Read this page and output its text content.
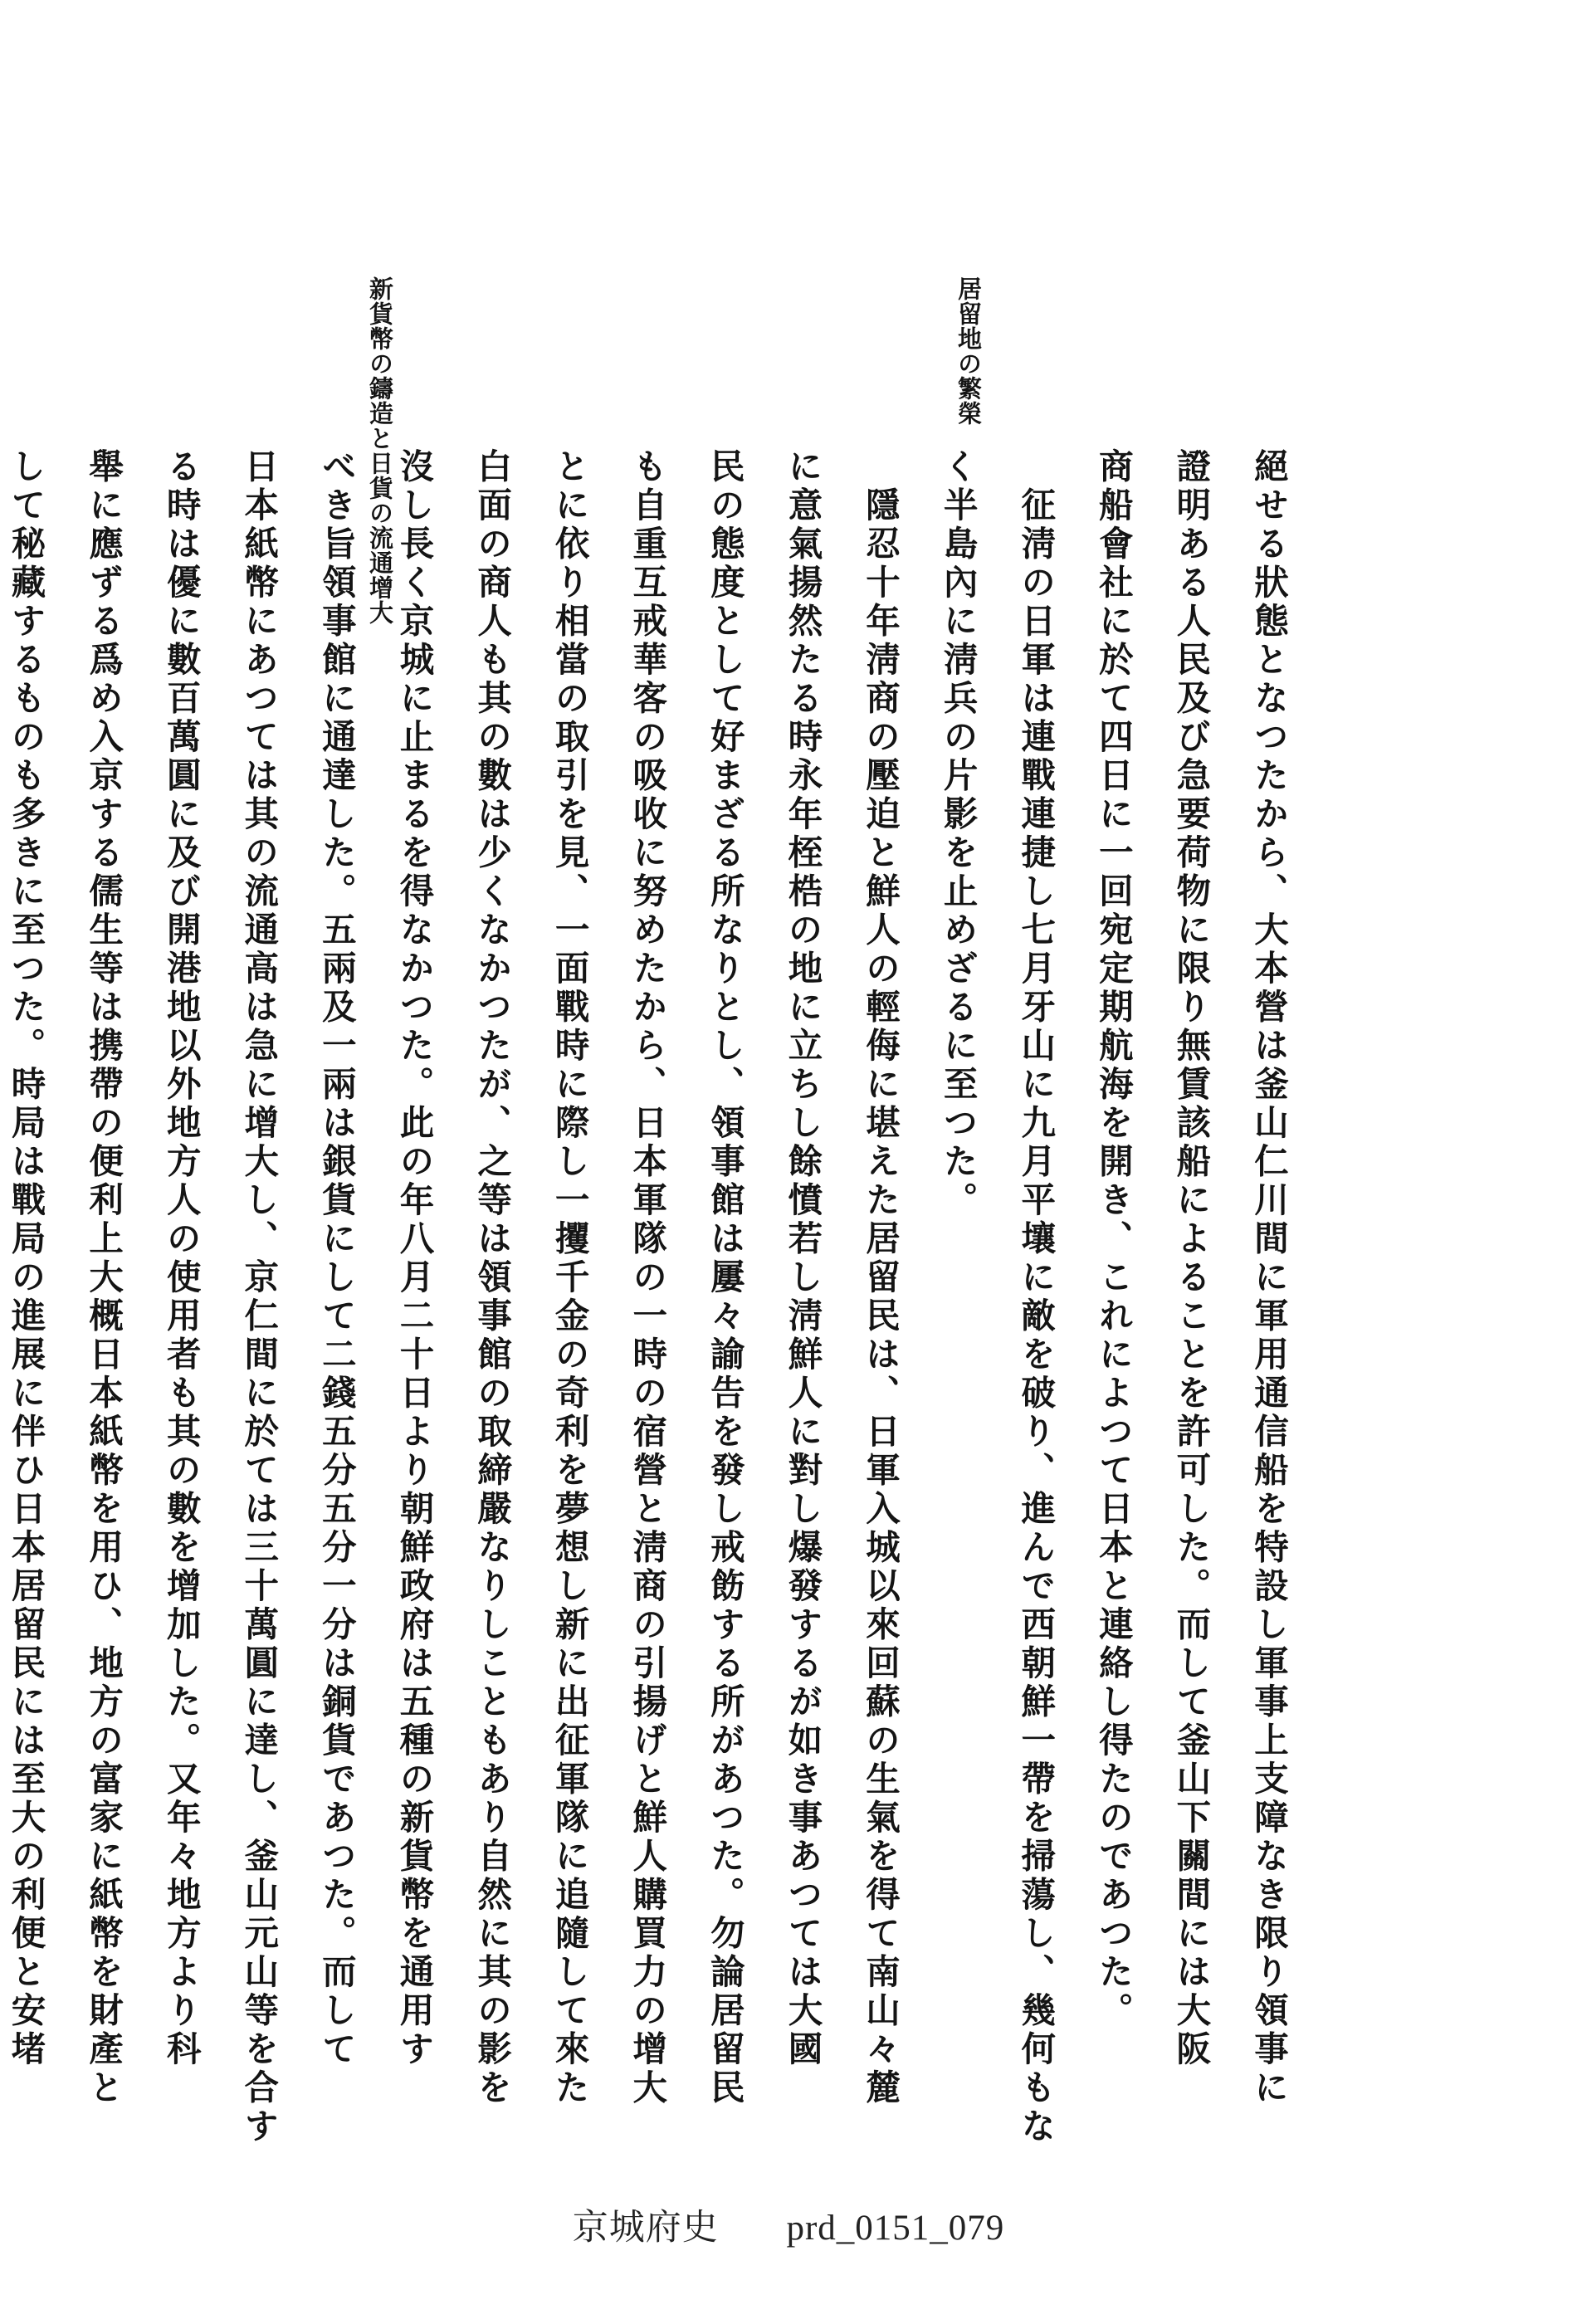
居留地の繁榮
新貨幣の鑄造と日貨の流通增大	絕せる狀態となつたから、大本營は釜山仁川間に軍用通信船を特設し軍事上支障なき限り領事に
證明ある人民及び急要荷物に限り無賃該船によることを許可した。而して釜山下關間には大阪
商船會社に於て四日に一回宛定期航海を開き、これによつて日本と連絡し得たのであつた。
　征淸の日軍は連戰連捷し七月牙山に九月平壤に敵を破り、進んで西朝鮮一帶を掃蕩し、幾何もな
く半島內に淸兵の片影を止めざるに至つた。
　隱忍十年淸商の壓迫と鮮人の輕侮に堪えた居留民は、日軍入城以來回蘇の生氣を得て南山々麓
に意氣揚然たる時永年桎梏の地に立ちし餘憤若し淸鮮人に對し爆發するが如き事あつては大國
民の態度として好まざる所なりとし、領事館は屢々諭告を發し戒飭する所があつた。勿論居留民
も自重互戒華客の吸收に努めたから、日本軍隊の一時の宿營と淸商の引揚げと鮮人購買力の增大
とに依り相當の取引を見、一面戰時に際し一攫千金の奇利を夢想し新に出征軍隊に追隨して來た
白面の商人も其の數は少くなかつたが、之等は領事館の取締嚴なりしこともあり自然に其の影を
沒し長く京城に止まるを得なかつた。此の年八月二十日より朝鮮政府は五種の新貨幣を通用す
べき旨領事館に通達した。五兩及一兩は銀貨にして二錢五分五分一分は銅貨であつた。而して
日本紙幣にあつては其の流通高は急に增大し、京仁間に於ては三十萬圓に達し、釜山元山等を合す
る時は優に數百萬圓に及び開港地以外地方人の使用者も其の數を增加した。又年々地方より科
舉に應ずる爲め入京する儒生等は携帶の便利上大概日本紙幣を用ひ、地方の富家に紙幣を財產と
して秘藏するものも多きに至つた。時局は戰局の進展に伴ひ日本居留民には至大の利便と安堵
京城府史 prd_0151_079
